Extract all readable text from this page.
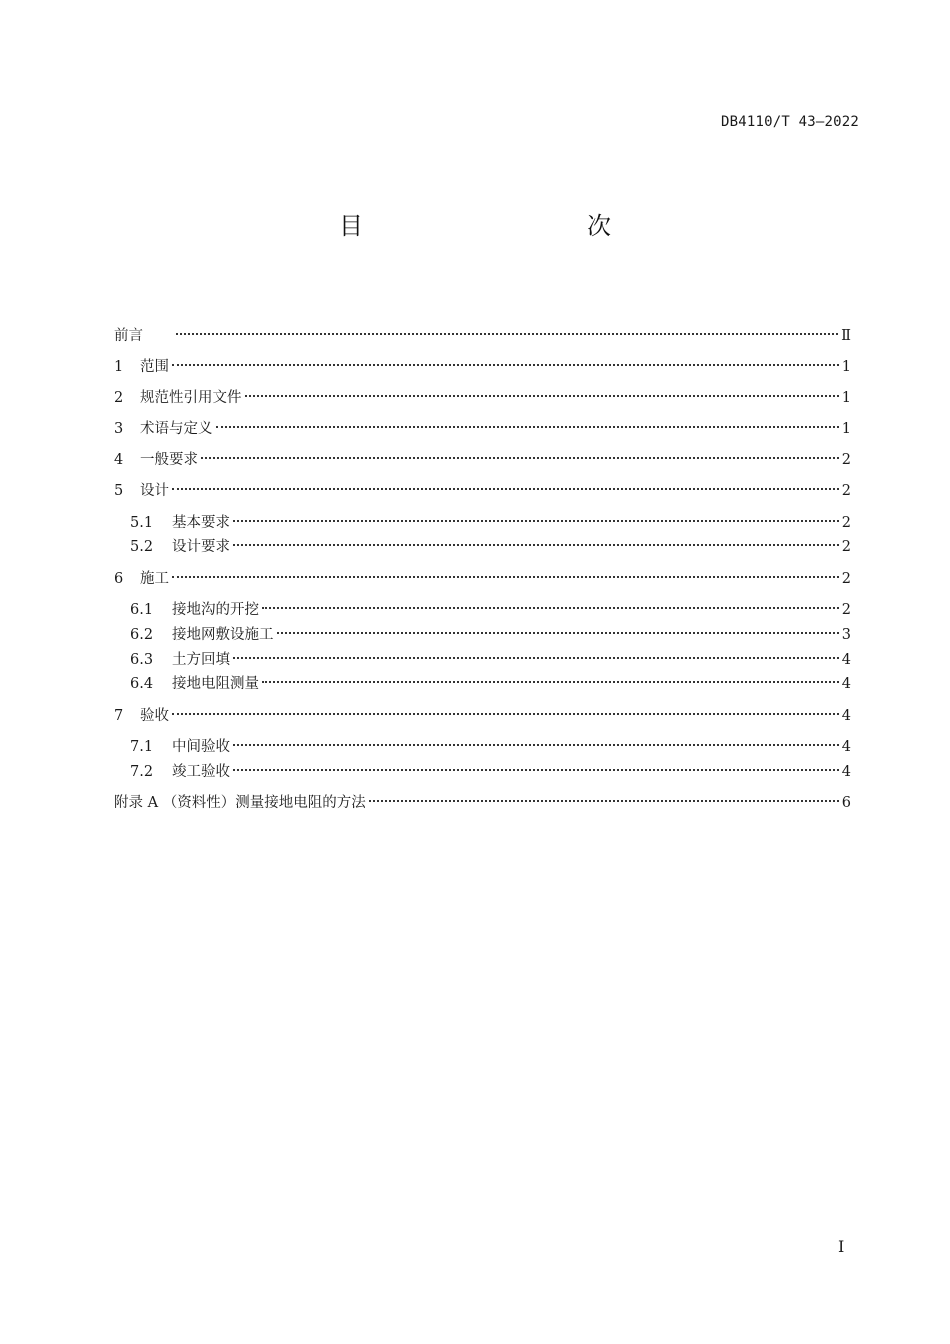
DB4110/T 43—2022
目　次
前言	Ⅱ
1	范围	1
2	规范性引用文件	1
3	术语与定义	1
4	一般要求	2
5	设计	2
5.1	基本要求	2
5.2	设计要求	2
6	施工	2
6.1	接地沟的开挖	2
6.2	接地网敷设施工	3
6.3	土方回填	4
6.4	接地电阻测量	4
7	验收	4
7.1	中间验收	4
7.2	竣工验收	4
附录 A （资料性）测量接地电阻的方法	6
I
